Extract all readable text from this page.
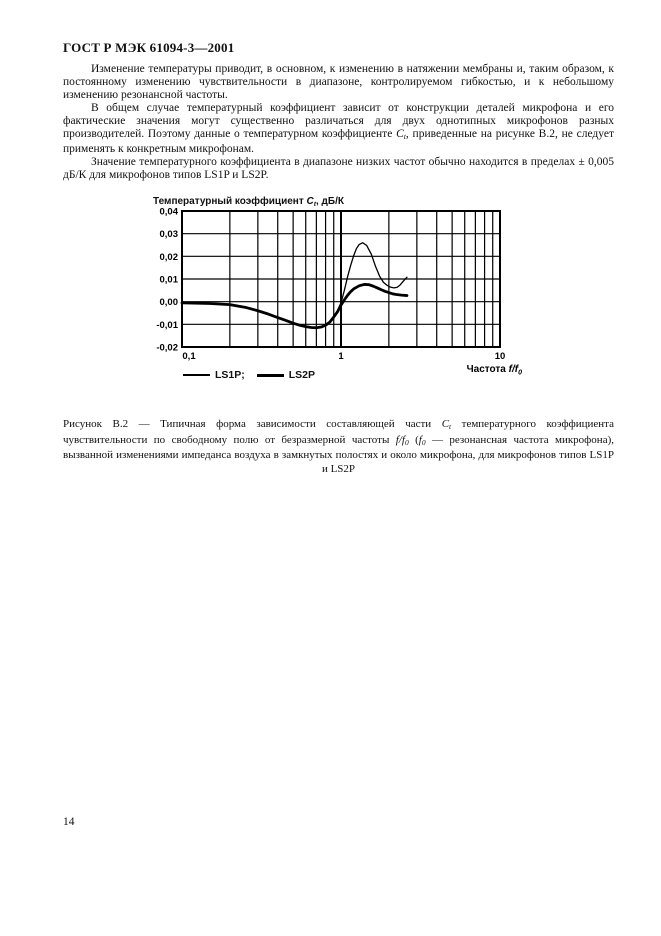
ГОСТ Р МЭК 61094-3—2001

Изменение температуры приводит, в основном, к изменению в натяжении мембраны и, таким образом, к постоянному изменению чувствительности в диапазоне, контролируемом гибкостью, и к небольшому изменению резонансной частоты.

В общем случае температурный коэффициент зависит от конструкции деталей микрофона и его фактические значения могут существенно различаться для двух однотипных микрофонов разных производителей. Поэтому данные о температурном коэффициенте $C_t$, приведенные на рисунке В.2, не следует применять к конкретным микрофонам.

Значение температурного коэффициента в диапазоне низких частот обычно находится в пределах ± 0,005 дБ/К для микрофонов типов LS1P и LS2P.

Температурный коэффициент $C_t$, дБ/К
0,04
0,03
0,02
0,01
0,00
-0,01
-0,02
0,1	1	10
Частота $f/f_0$
LS1P;	LS2P
Рисунок В.2 — Типичная форма зависимости составляющей части $C_t$ температурного коэффициента чувствительности по свободному полю от безразмерной частоты $f/f_0$ ($f_0$ — резонансная частота микрофона), вызванной изменениями импеданса воздуха в замкнутых полостях и около микрофона, для микрофонов типов LS1P и LS2P
14
